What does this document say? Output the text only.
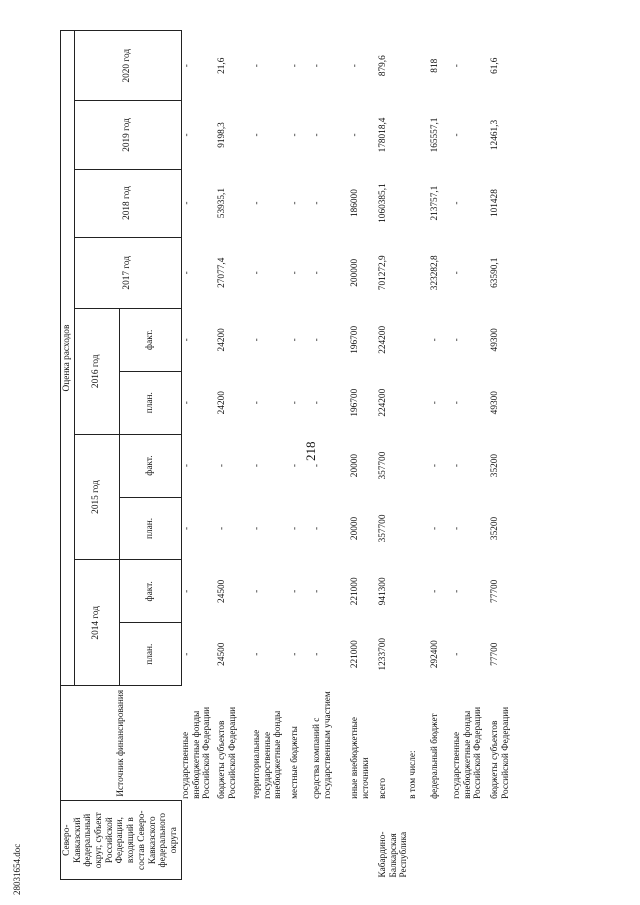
218
28031654.doc
Северо-Кавказский федеральный округ, субъект Российской Федерации, входящий в состав Северо-Кавказского федерального округа	Источник финансирования	Оценка расходов									
		2014 год		2015 год		2016 год		2017 год	2018 год	2019 год	2020 год
		план.	факт.	план.	факт.	план.	факт.				
	государственные внебюджетные фонды Российской Федерации	-	-	-	-	-	-	-	-	-	-
	бюджеты субъектов Российской Федерации	24500	24500	-	-	24200	24200	27077,4	53935,1	9198,3	21,6
	территориальные государственные внебюджетные фонды	-	-	-	-	-	-	-	-	-	-
	местные бюджеты	-	-	-	-	-	-	-	-	-	-
	средства компаний с государственным участием	-	-	-	-	-	-	-	-	-	-
	иные внебюджетные источники	221000	221000	20000	20000	196700	196700	200000	186000	-	-
Кабардино-Балкарская Республика	всего	1233700	941300	357700	357700	224200	224200	701272,9	1060385,1	178018,4	879,6
	в том числе:										
	федеральный бюджет	292400	-	-	-	-	-	323282,8	213757,1	165557,1	818
	государственные внебюджетные фонды Российской Федерации	-	-	-	-	-	-	-	-	-	-
	бюджеты субъектов Российской Федерации	77700	77700	35200	35200	49300	49300	63590,1	101428	12461,3	61,6
